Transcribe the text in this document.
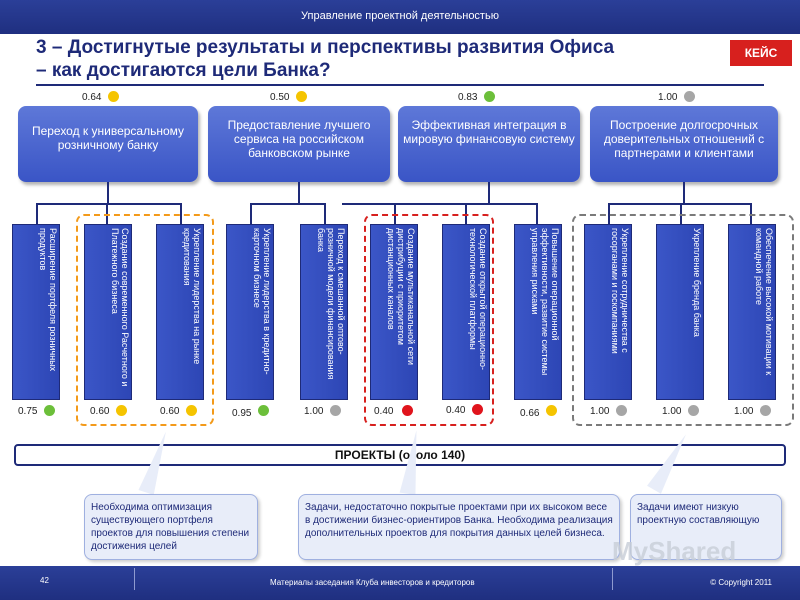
Управление проектной деятельностью
3 – Достигнутые результаты и перспективы развития Офиса
– как достигаются цели Банка?
КЕЙС
0.64	0.50	0.83	1.00
Переход к универсальному розничному банку
Предоставление лучшего сервиса на российском банковском рынке
Эффективная интеграция в мировую финансовую систему
Построение долгосрочных доверительных отношений с партнерами и клиентами
Расширение портфеля розничных продуктов	Создание современного Расчетного и Платежного бизнеса	Укрепление лидерства на рынке кредитования	Укрепление лидерства в кредитно-карточном бизнесе	Переход к смешанной оптово-розничной модели финансирования банка	Создание мультиканальной сети дистрибуции с приоритетом дистанционных каналов	Создание открытой операционно-технологической платформы	Повышение операционной эффективности, развитие системы управления рисками	Укрепление сотрудничества с госорганами и госкомпаниями	Укрепление бренда банка	Обеспечение высокой мотивации к командной работе
0.75	0.60	0.60	0.95	1.00	0.40	0.40	0.66	1.00	1.00	1.00
ПРОЕКТЫ (около 140)
Необходима оптимизация существующего портфеля проектов для повышения степени достижения целей
Задачи, недостаточно покрытые проектами при их высоком весе в достижении бизнес-ориентиров Банка. Необходима реализация дополнительных проектов для покрытия данных целей бизнеса.
Задачи имеют низкую проектную составляющую
MyShared
42	Материалы заседания Клуба инвесторов и кредиторов	© Copyright 2011
